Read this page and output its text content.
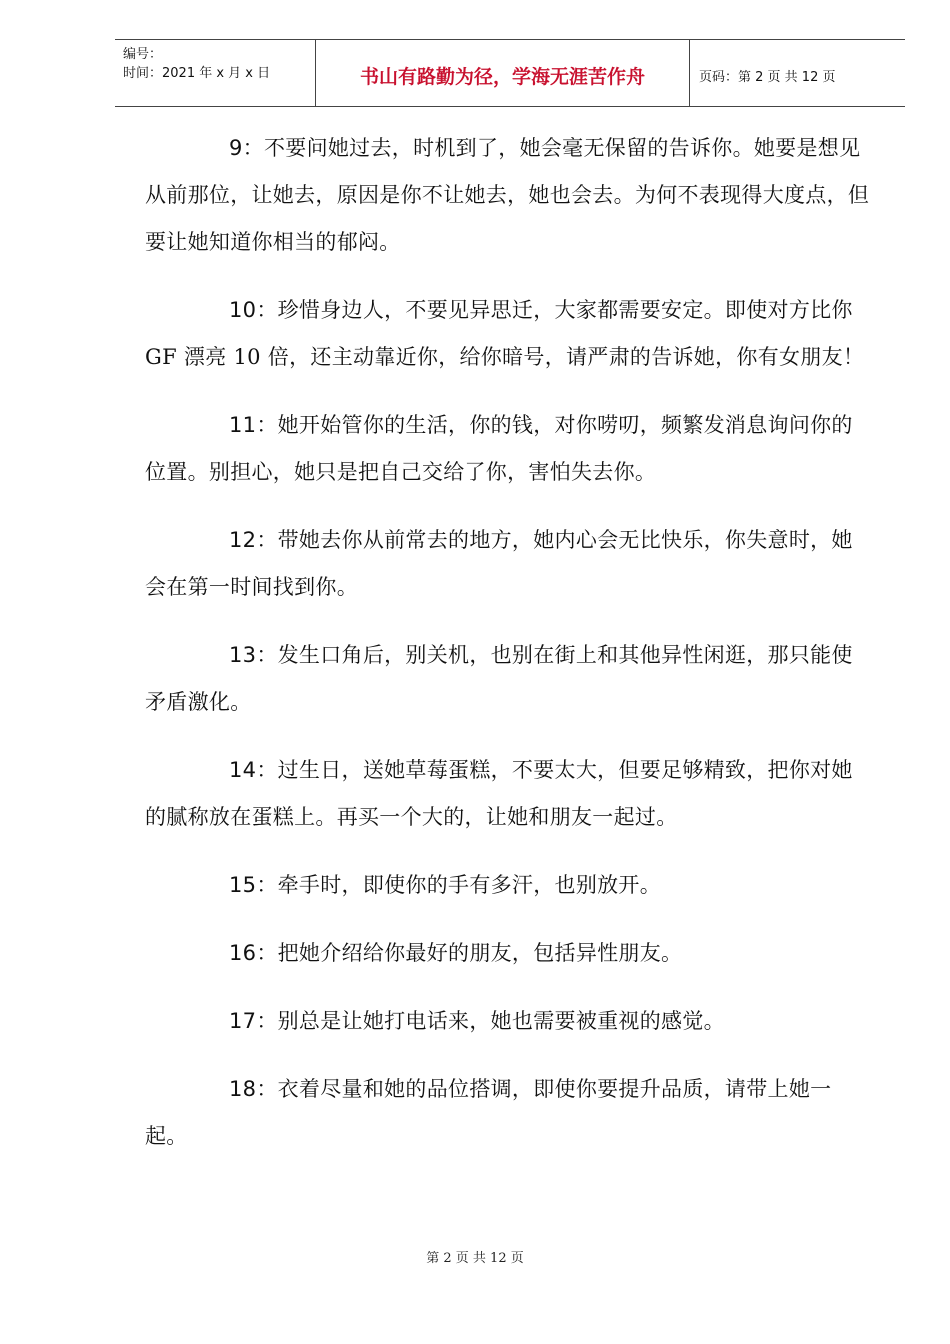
编号：
时间：2021 年 x 月 x 日	书山有路勤为径，学海无涯苦作舟	页码：第 2 页 共 12 页

9：不要问她过去，时机到了，她会毫无保留的告诉你。她要是想见从前那位，让她去，原因是你不让她去，她也会去。为何不表现得大度点，但要让她知道你相当的郁闷。

10：珍惜身边人，不要见异思迁，大家都需要安定。即使对方比你 GF 漂亮 10 倍，还主动靠近你，给你暗号，请严肃的告诉她，你有女朋友！

11：她开始管你的生活，你的钱，对你唠叨，频繁发消息询问你的位置。别担心，她只是把自己交给了你，害怕失去你。

12：带她去你从前常去的地方，她内心会无比快乐，你失意时，她会在第一时间找到你。

13：发生口角后，别关机，也别在街上和其他异性闲逛，那只能使矛盾激化。

14：过生日，送她草莓蛋糕，不要太大，但要足够精致，把你对她的腻称放在蛋糕上。再买一个大的，让她和朋友一起过。

15：牵手时，即使你的手有多汗，也别放开。

16：把她介绍给你最好的朋友，包括异性朋友。

17：别总是让她打电话来，她也需要被重视的感觉。

18：衣着尽量和她的品位搭调，即使你要提升品质，请带上她一起。

第 2 页 共 12 页
